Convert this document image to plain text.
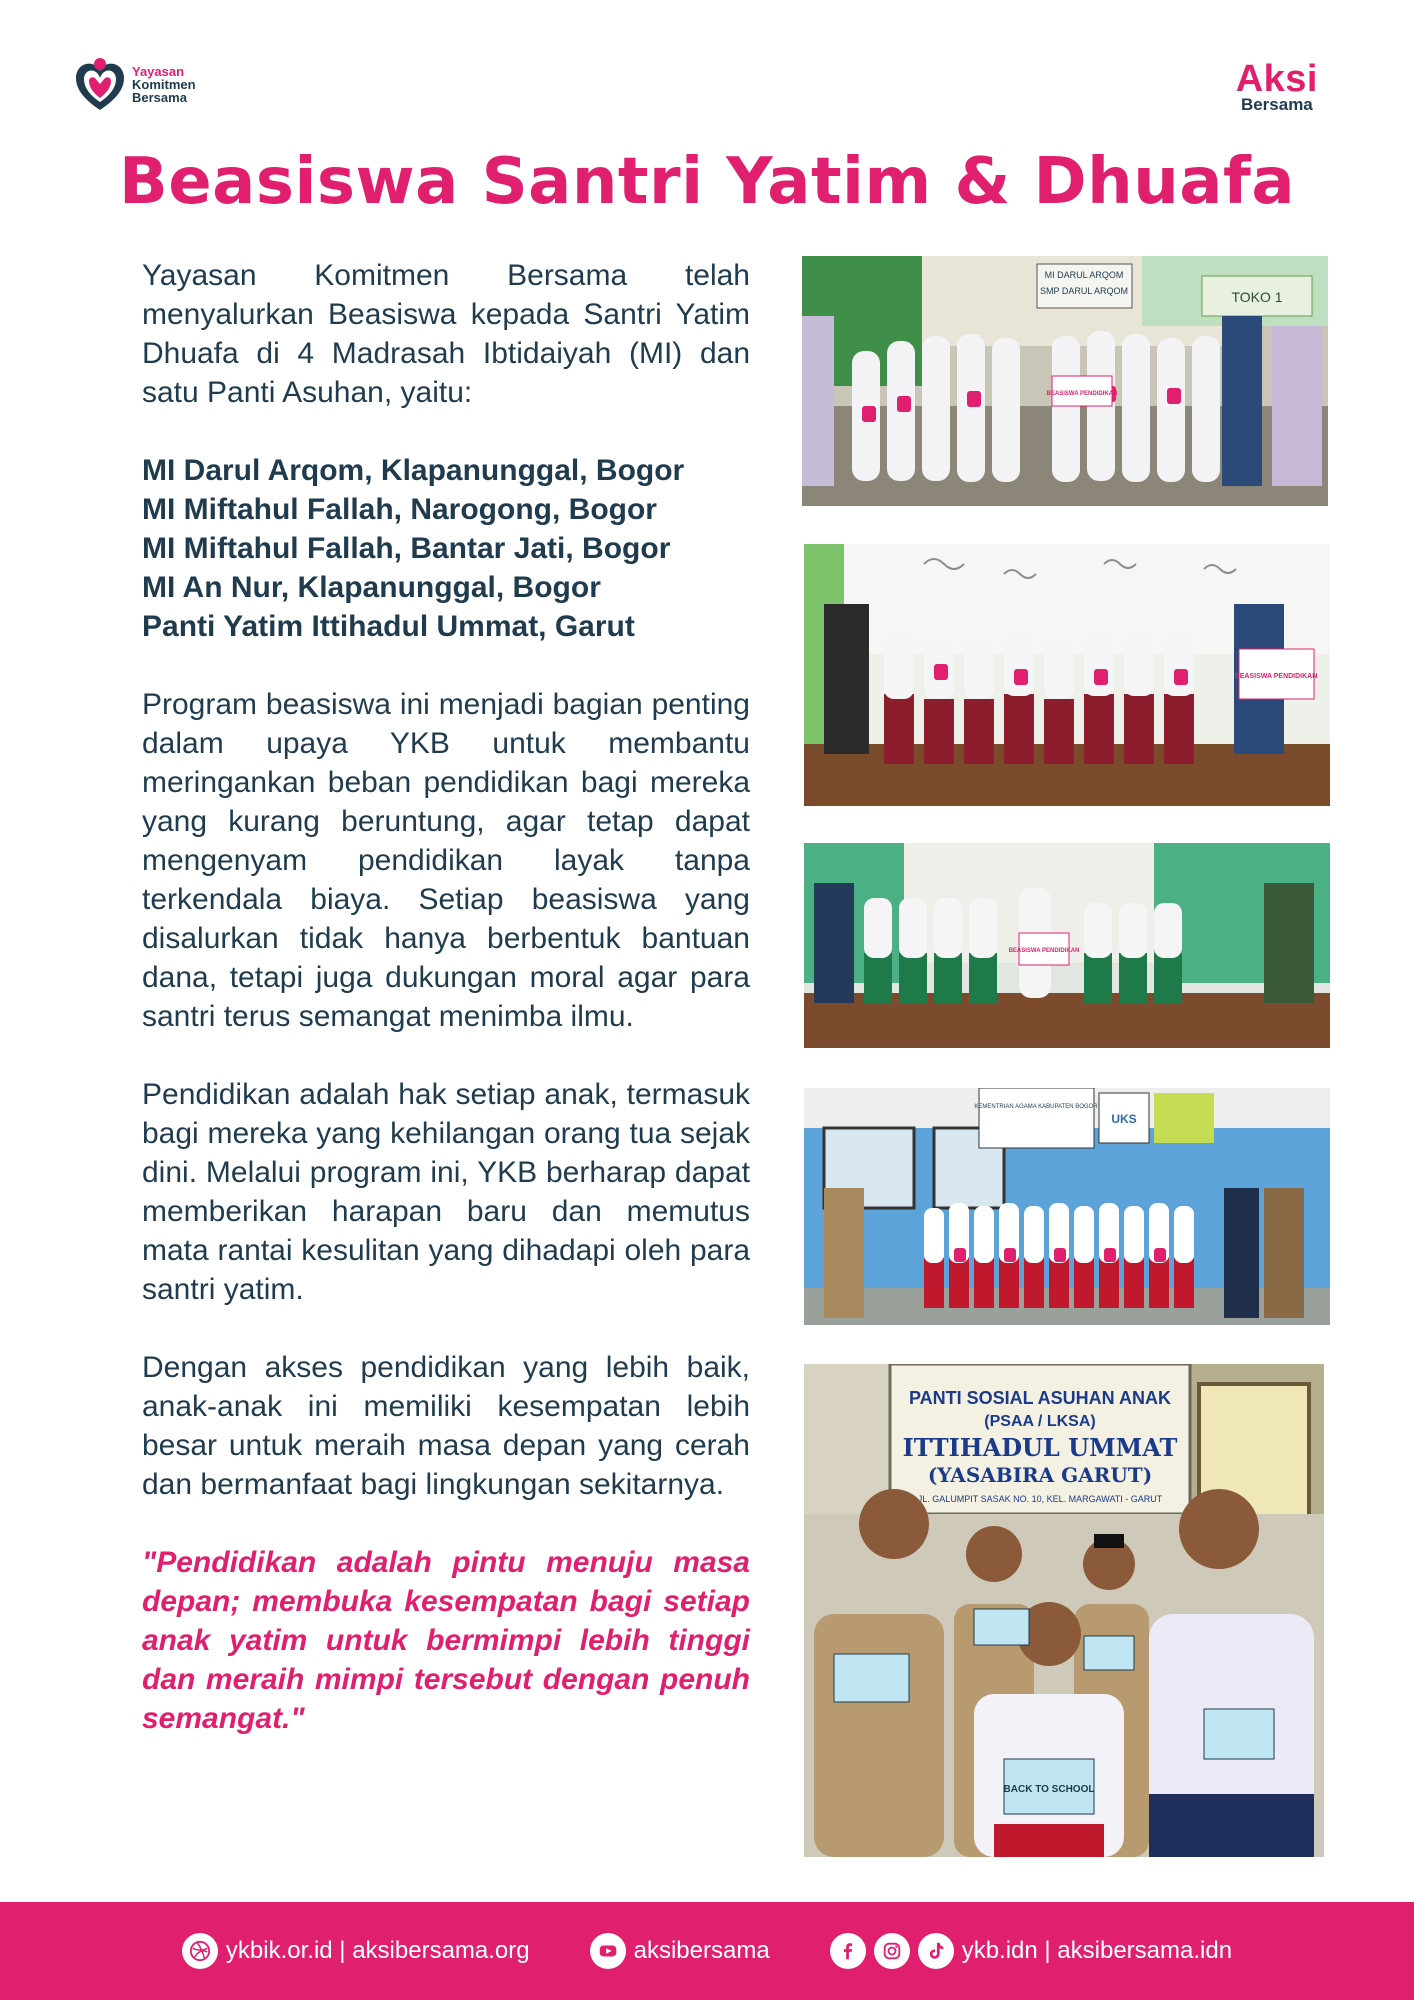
Yayasan
Komitmen
Bersama	Aksi
Bersama
Beasiswa Santri Yatim & Dhuafa

Yayasan Komitmen Bersama telah menyalurkan Beasiswa kepada Santri Yatim Dhuafa di 4 Madrasah Ibtidaiyah (MI) dan satu Panti Asuhan, yaitu:

MI Darul Arqom, Klapanunggal, Bogor
MI Miftahul Fallah, Narogong, Bogor
MI Miftahul Fallah, Bantar Jati, Bogor
MI An Nur, Klapanunggal, Bogor
Panti Yatim Ittihadul Ummat, Garut

Program beasiswa ini menjadi bagian penting dalam upaya YKB untuk membantu meringankan beban pendidikan bagi mereka yang kurang beruntung, agar tetap dapat mengenyam pendidikan layak tanpa terkendala biaya. Setiap beasiswa yang disalurkan tidak hanya berbentuk bantuan dana, tetapi juga dukungan moral agar para santri terus semangat menimba ilmu.

Pendidikan adalah hak setiap anak, termasuk bagi mereka yang kehilangan orang tua sejak dini. Melalui program ini, YKB berharap dapat memberikan harapan baru dan memutus mata rantai kesulitan yang dihadapi oleh para santri yatim.

Dengan akses pendidikan yang lebih baik, anak-anak ini memiliki kesempatan lebih besar untuk meraih masa depan yang cerah dan bermanfaat bagi lingkungan sekitarnya.

"Pendidikan adalah pintu menuju masa depan; membuka kesempatan bagi setiap anak yatim untuk bermimpi lebih tinggi dan meraih mimpi tersebut dengan penuh semangat."

MI DARUL ARQOM
SMP DARUL ARQOM	TOKO 1
BEASISWA PENDIDIKAN
BEASISWA PENDIDIKAN
BEASISWA PENDIDIKAN
KEMENTRIAN AGAMA KABUPATEN BOGOR
UKS
PANTI SOSIAL ASUHAN ANAK
(PSAA / LKSA)
ITTIHADUL UMMAT
(YASABIRA GARUT)
JL. GALUMPIT SASAK NO. 10, KEL. MARGAWATI - GARUT
BACK TO SCHOOL
ykbik.or.id | aksibersama.org	aksibersama	ykb.idn | aksibersama.idn
